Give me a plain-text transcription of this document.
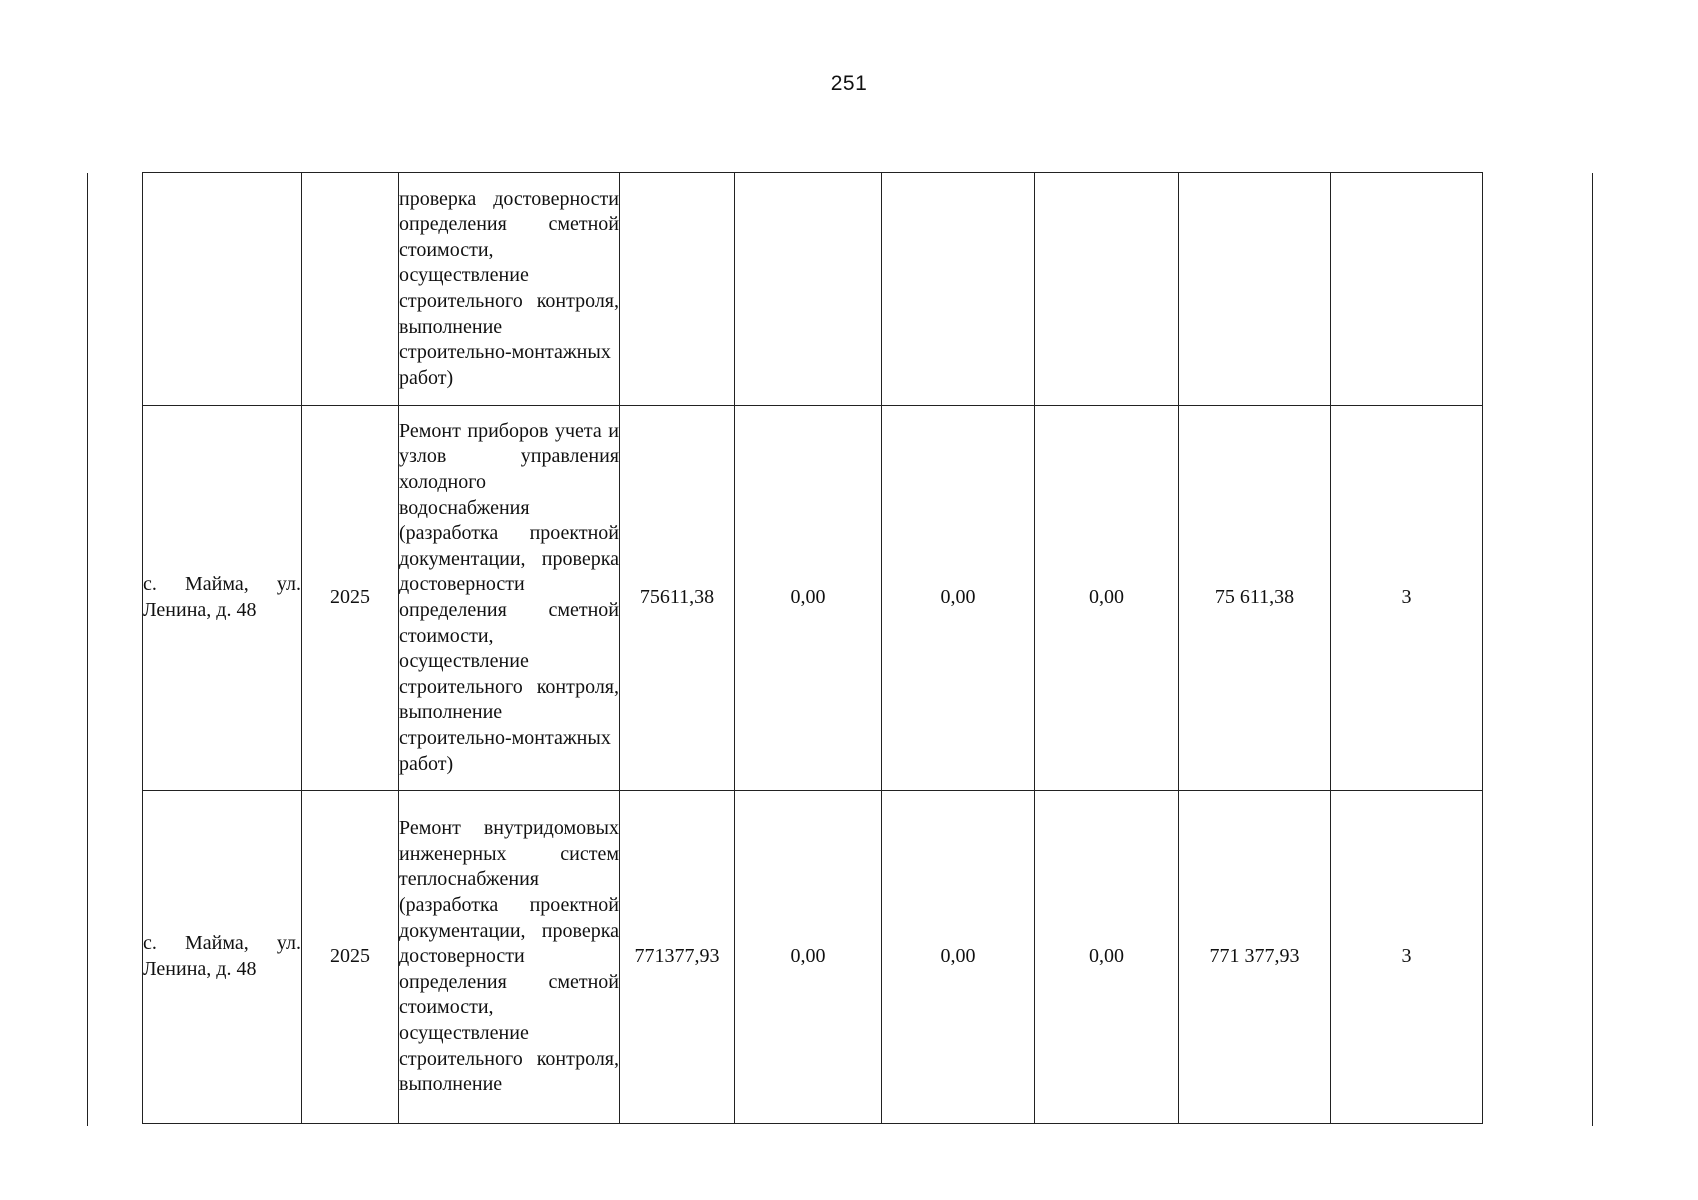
251

		проверка достоверности определения сметной стоимости, осуществление строительного контроля, выполнение строительно-монтажных работ)						

с. Майма, ул. Ленина, д. 48	2025	Ремонт приборов учета и узлов управления холодного водоснабжения (разработка проектной документации, проверка достоверности определения сметной стоимости, осуществление строительного контроля, выполнение строительно-монтажных работ)	75611,38	0,00	0,00	0,00	75 611,38	3
с. Майма, ул. Ленина, д. 48	2025	Ремонт внутридомовых инженерных систем теплоснабжения (разработка проектной документации, проверка достоверности определения сметной стоимости, осуществление строительного контроля, выполнение	771377,93	0,00	0,00	0,00	771 377,93	3
